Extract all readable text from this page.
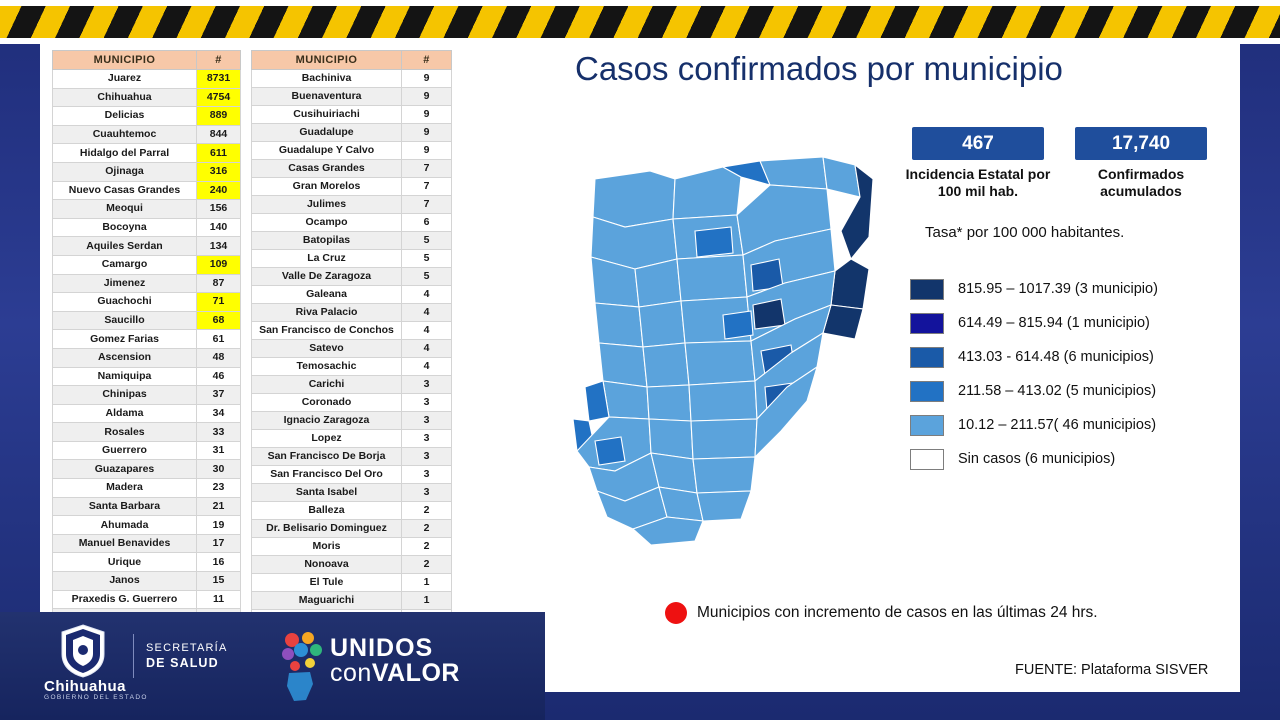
MUNICIPIO	#
Juarez	8731
Chihuahua	4754
Delicias	889
Cuauhtemoc	844
Hidalgo del Parral	611
Ojinaga	316
Nuevo Casas Grandes	240
Meoqui	156
Bocoyna	140
Aquiles Serdan	134
Camargo	109
Jimenez	87
Guachochi	71
Saucillo	68
Gomez Farias	61
Ascension	48
Namiquipa	46
Chinipas	37
Aldama	34
Rosales	33
Guerrero	31
Guazapares	30
Madera	23
Santa Barbara	21
Ahumada	19
Manuel Benavides	17
Urique	16
Janos	15
Praxedis G. Guerrero	11

MUNICIPIO	#
Bachiniva	9
Buenaventura	9
Cusihuiriachi	9
Guadalupe	9
Guadalupe Y Calvo	9
Casas Grandes	7
Gran Morelos	7
Julimes	7
Ocampo	6
Batopilas	5
La Cruz	5
Valle De Zaragoza	5
Galeana	4
Riva Palacio	4
San Francisco de Conchos	4
Satevo	4
Temosachic	4
Carichi	3
Coronado	3
Ignacio Zaragoza	3
Lopez	3
San Francisco De Borja	3
San Francisco Del Oro	3
Santa Isabel	3
Balleza	2
Dr. Belisario Dominguez	2
Moris	2
Nonoava	2
El Tule	1
Maguarichi	1

Casos confirmados por municipio
467
Incidencia Estatal por 100 mil hab.
17,740
Confirmados acumulados
Tasa* por 100 000 habitantes.
815.95 – 1017.39 (3 municipio)
614.49 – 815.94 (1 municipio)
413.03 - 614.48 (6 municipios)
211.58 – 413.02 (5 municipios)
10.12 – 211.57( 46 municipios)
Sin casos (6 municipios)
Municipios con incremento de casos en las últimas 24 hrs.
FUENTE: Plataforma SISVER
Chihuahua
GOBIERNO DEL ESTADO
SECRETARÍA
DE SALUD
UNIDOS
conVALOR
